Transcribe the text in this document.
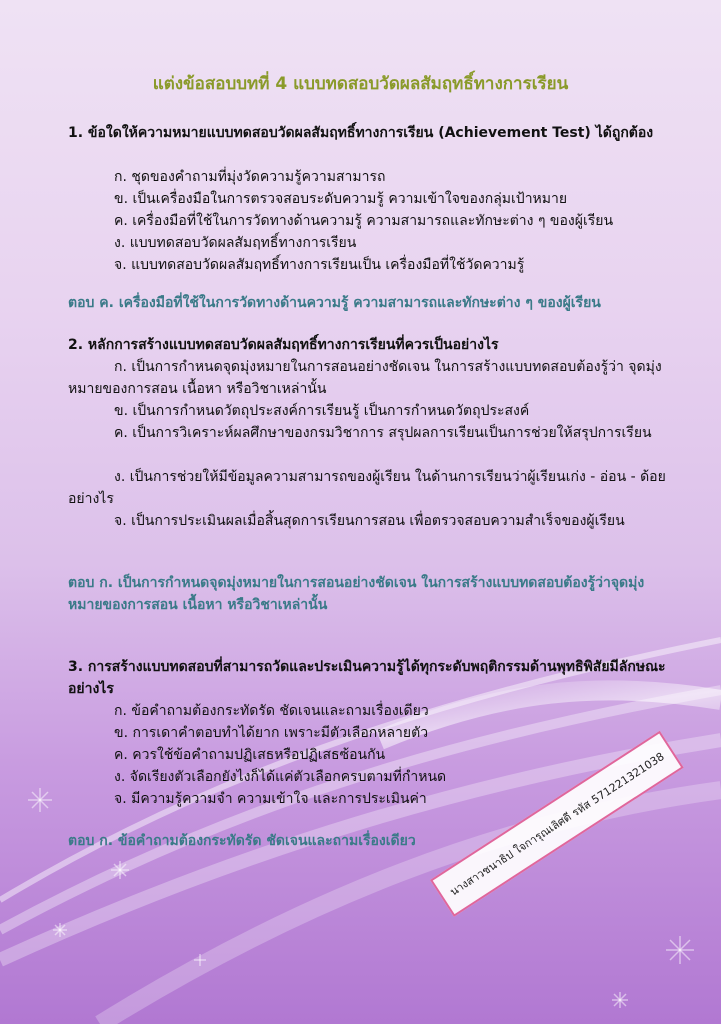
แต่งข้อสอบบทที่ 4 แบบทดสอบวัดผลสัมฤทธิ์ทางการเรียน
1. ข้อใดให้ความหมายแบบทดสอบวัดผลสัมฤทธิ์ทางการเรียน (Achievement Test) ได้ถูกต้อง
ก. ชุดของคำถามที่มุ่งวัดความรู้ความสามารถ
ข. เป็นเครื่องมือในการตรวจสอบระดับความรู้ ความเข้าใจของกลุ่มเป้าหมาย
ค. เครื่องมือที่ใช้ในการวัดทางด้านความรู้ ความสามารถและทักษะต่าง ๆ ของผู้เรียน
ง. แบบทดสอบวัดผลสัมฤทธิ์ทางการเรียน
จ. แบบทดสอบวัดผลสัมฤทธิ์ทางการเรียนเป็น เครื่องมือที่ใช้วัดความรู้
ตอบ ค. เครื่องมือที่ใช้ในการวัดทางด้านความรู้ ความสามารถและทักษะต่าง ๆ ของผู้เรียน
2. หลักการสร้างแบบทดสอบวัดผลสัมฤทธิ์ทางการเรียนที่ควรเป็นอย่างไร
ก. เป็นการกำหนดจุดมุ่งหมายในการสอนอย่างชัดเจน ในการสร้างแบบทดสอบต้องรู้ว่า จุดมุ่งหมายของการสอน เนื้อหา หรือวิชาเหล่านั้น
ข. เป็นการกำหนดวัตถุประสงค์การเรียนรู้ เป็นการกำหนดวัตถุประสงค์
ค. เป็นการวิเคราะห์ผลศึกษาของกรมวิชาการ สรุปผลการเรียนเป็นการช่วยให้สรุปการเรียน
ง. เป็นการช่วยให้มีข้อมูลความสามารถของผู้เรียน ในด้านการเรียนว่าผู้เรียนเก่ง - อ่อน - ด้อย อย่างไร
จ. เป็นการประเมินผลเมื่อสิ้นสุดการเรียนการสอน เพื่อตรวจสอบความสำเร็จของผู้เรียน
ตอบ ก. เป็นการกำหนดจุดมุ่งหมายในการสอนอย่างชัดเจน ในการสร้างแบบทดสอบต้องรู้ว่าจุดมุ่งหมายของการสอน เนื้อหา หรือวิชาเหล่านั้น
3. การสร้างแบบทดสอบที่สามารถวัดและประเมินความรู้ได้ทุกระดับพฤติกรรมด้านพุทธิพิสัยมีลักษณะอย่างไร
ก. ข้อคำถามต้องกระทัดรัด ชัดเจนและถามเรื่องเดียว
ข. การเดาคำตอบทำได้ยาก เพราะมีตัวเลือกหลายตัว
ค. ควรใช้ข้อคำถามปฏิเสธหรือปฏิเสธซ้อนกัน
ง. จัดเรียงตัวเลือกยังไงก็ได้แค่ตัวเลือกครบตามที่กำหนด
จ. มีความรู้ความจำ ความเข้าใจ และการประเมินค่า
ตอบ ก. ข้อคำถามต้องกระทัดรัด ชัดเจนและถามเรื่องเดียว	นางสาวชนาธิป ใจการุณเลิศดี รหัส 571221321038
